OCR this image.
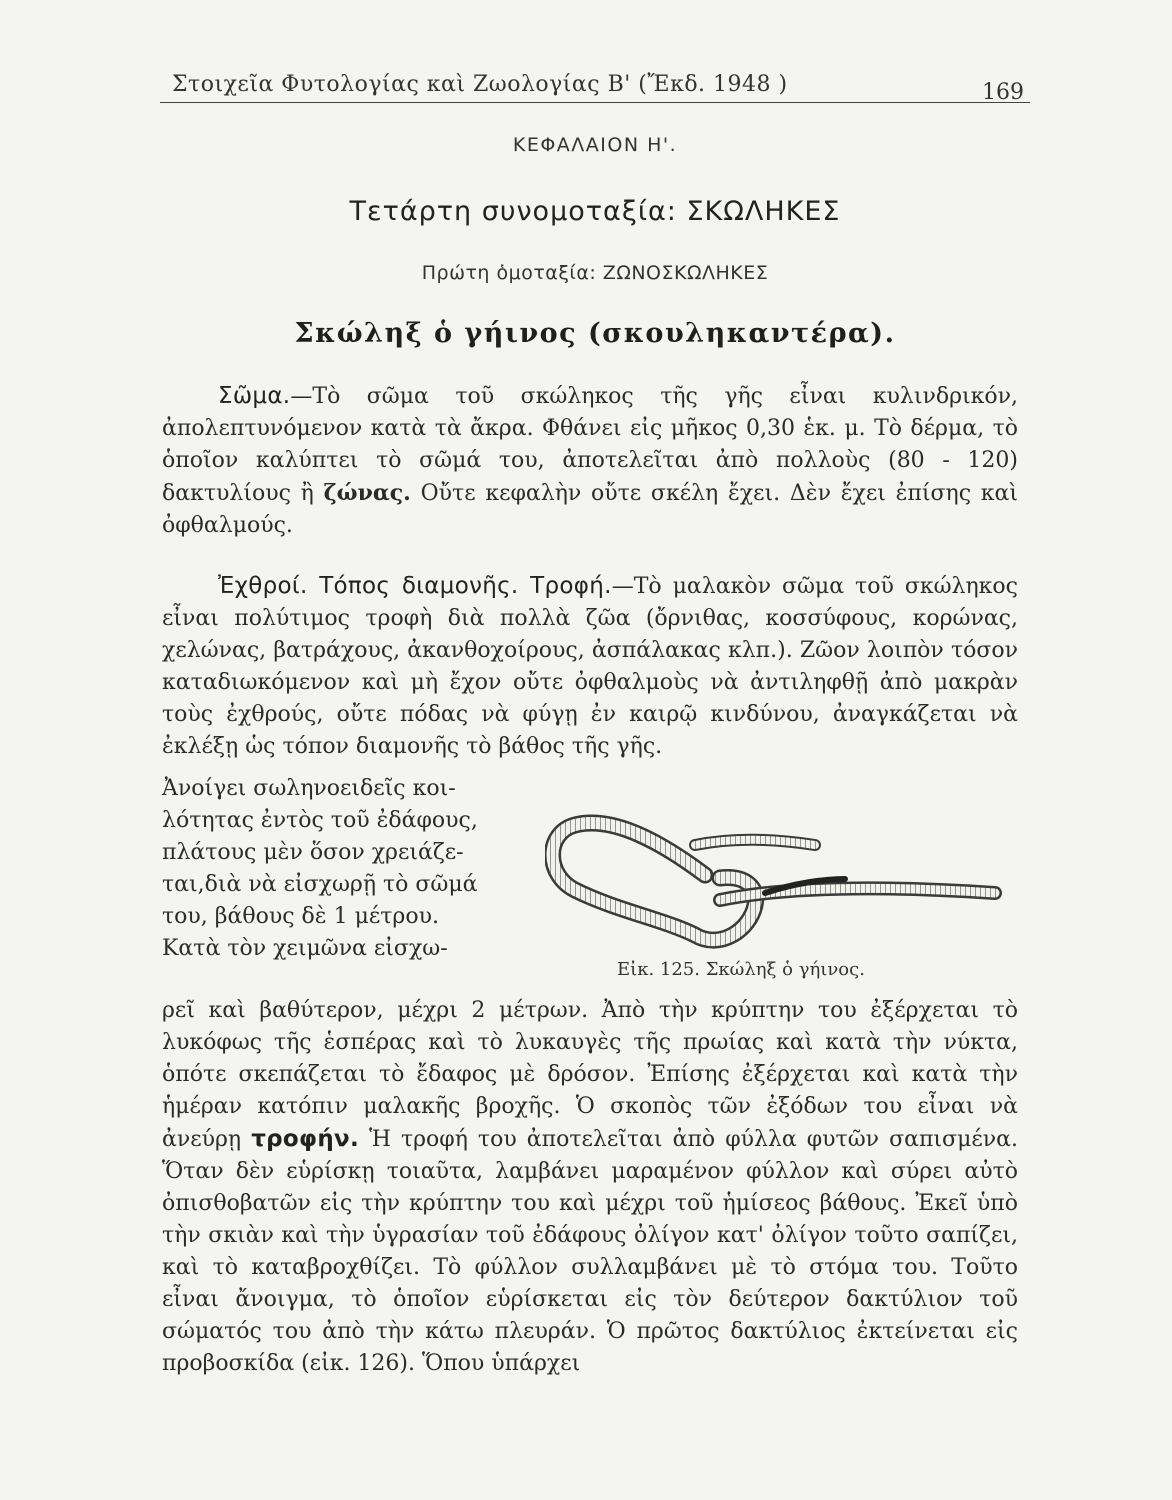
Στοιχεῖα Φυτολογίας καὶ Ζωολογίας Β' (Ἔκδ. 1948 )	169
ΚΕΦΑΛΑΙΟΝ Η'.
Τετάρτη συνομοταξία: ΣΚΩΛΗΚΕΣ
Πρώτη ὁμοταξία: ΖΩΝΟΣΚΩΛΗΚΕΣ
Σκώληξ ὁ γήινος (σκουληκαντέρα).

Σῶμα.—Τὸ σῶμα τοῦ σκώληκος τῆς γῆς εἶναι κυλινδρικόν, ἀπολεπτυνόμενον κατὰ τὰ ἄκρα. Φθάνει εἰς μῆκος 0,30 ἑκ. μ. Τὸ δέρμα, τὸ ὁποῖον καλύπτει τὸ σῶμά του, ἀποτελεῖται ἀπὸ πολλοὺς (80 - 120) δακτυλίους ἢ ζώνας. Οὔτε κεφαλὴν οὔτε σκέλη ἔχει. Δὲν ἔχει ἐπίσης καὶ ὀφθαλμούς.

Ἐχθροί. Τόπος διαμονῆς. Τροφή.—Τὸ μαλακὸν σῶμα τοῦ σκώληκος εἶναι πολύτιμος τροφὴ διὰ πολλὰ ζῶα (ὄρνιθας, κοσσύφους, κορώνας, χελώνας, βατράχους, ἀκανθοχοίρους, ἀσπάλακας κλπ.). Ζῶον λοιπὸν τόσον καταδιωκόμενον καὶ μὴ ἔχον οὔτε ὀφθαλμοὺς νὰ ἀντιληφθῇ ἀπὸ μακρὰν τοὺς ἐχθρούς, οὔτε πόδας νὰ φύγῃ ἐν καιρῷ κινδύνου, ἀναγκάζεται νὰ ἐκλέξῃ ὡς τόπον διαμονῆς τὸ βάθος τῆς γῆς.

Ἀνοίγει σωληνοειδεῖς κοι-
λότητας ἐντὸς τοῦ ἐδάφους,
πλάτους μὲν ὅσον χρειάζε-
ται,διὰ νὰ εἰσχωρῇ τὸ σῶμά
του, βάθους δὲ 1 μέτρου.
Κατὰ τὸν χειμῶνα εἰσχω-
Εἰκ. 125. Σκώληξ ὁ γήινος.

ρεῖ καὶ βαθύτερον, μέχρι 2 μέτρων. Ἀπὸ τὴν κρύπτην του ἐξέρχεται τὸ λυκόφως τῆς ἑσπέρας καὶ τὸ λυκαυγὲς τῆς πρωίας καὶ κατὰ τὴν νύκτα, ὁπότε σκεπάζεται τὸ ἔδαφος μὲ δρόσον. Ἐπίσης ἐξέρχεται καὶ κατὰ τὴν ἡμέραν κατόπιν μαλακῆς βροχῆς. Ὁ σκοπὸς τῶν ἐξόδων του εἶναι νὰ ἀνεύρῃ τροφήν. Ἡ τροφή του ἀποτελεῖται ἀπὸ φύλλα φυτῶν σαπισμένα. Ὅταν δὲν εὑρίσκῃ τοιαῦτα, λαμβάνει μαραμένον φύλλον καὶ σύρει αὐτὸ ὀπισθοβατῶν εἰς τὴν κρύπτην του καὶ μέχρι τοῦ ἡμίσεος βάθους. Ἐκεῖ ὑπὸ τὴν σκιὰν καὶ τὴν ὑγρασίαν τοῦ ἐδάφους ὀλίγον κατ' ὀλίγον τοῦτο σαπίζει, καὶ τὸ καταβροχθίζει. Τὸ φύλλον συλλαμβάνει μὲ τὸ στόμα του. Τοῦτο εἶναι ἄνοιγμα, τὸ ὁποῖον εὑρίσκεται εἰς τὸν δεύτερον δακτύλιον τοῦ σώματός του ἀπὸ τὴν κάτω πλευράν. Ὁ πρῶτος δακτύλιος ἐκτείνεται εἰς προβοσκίδα (εἰκ. 126). Ὅπου ὑπάρχει
